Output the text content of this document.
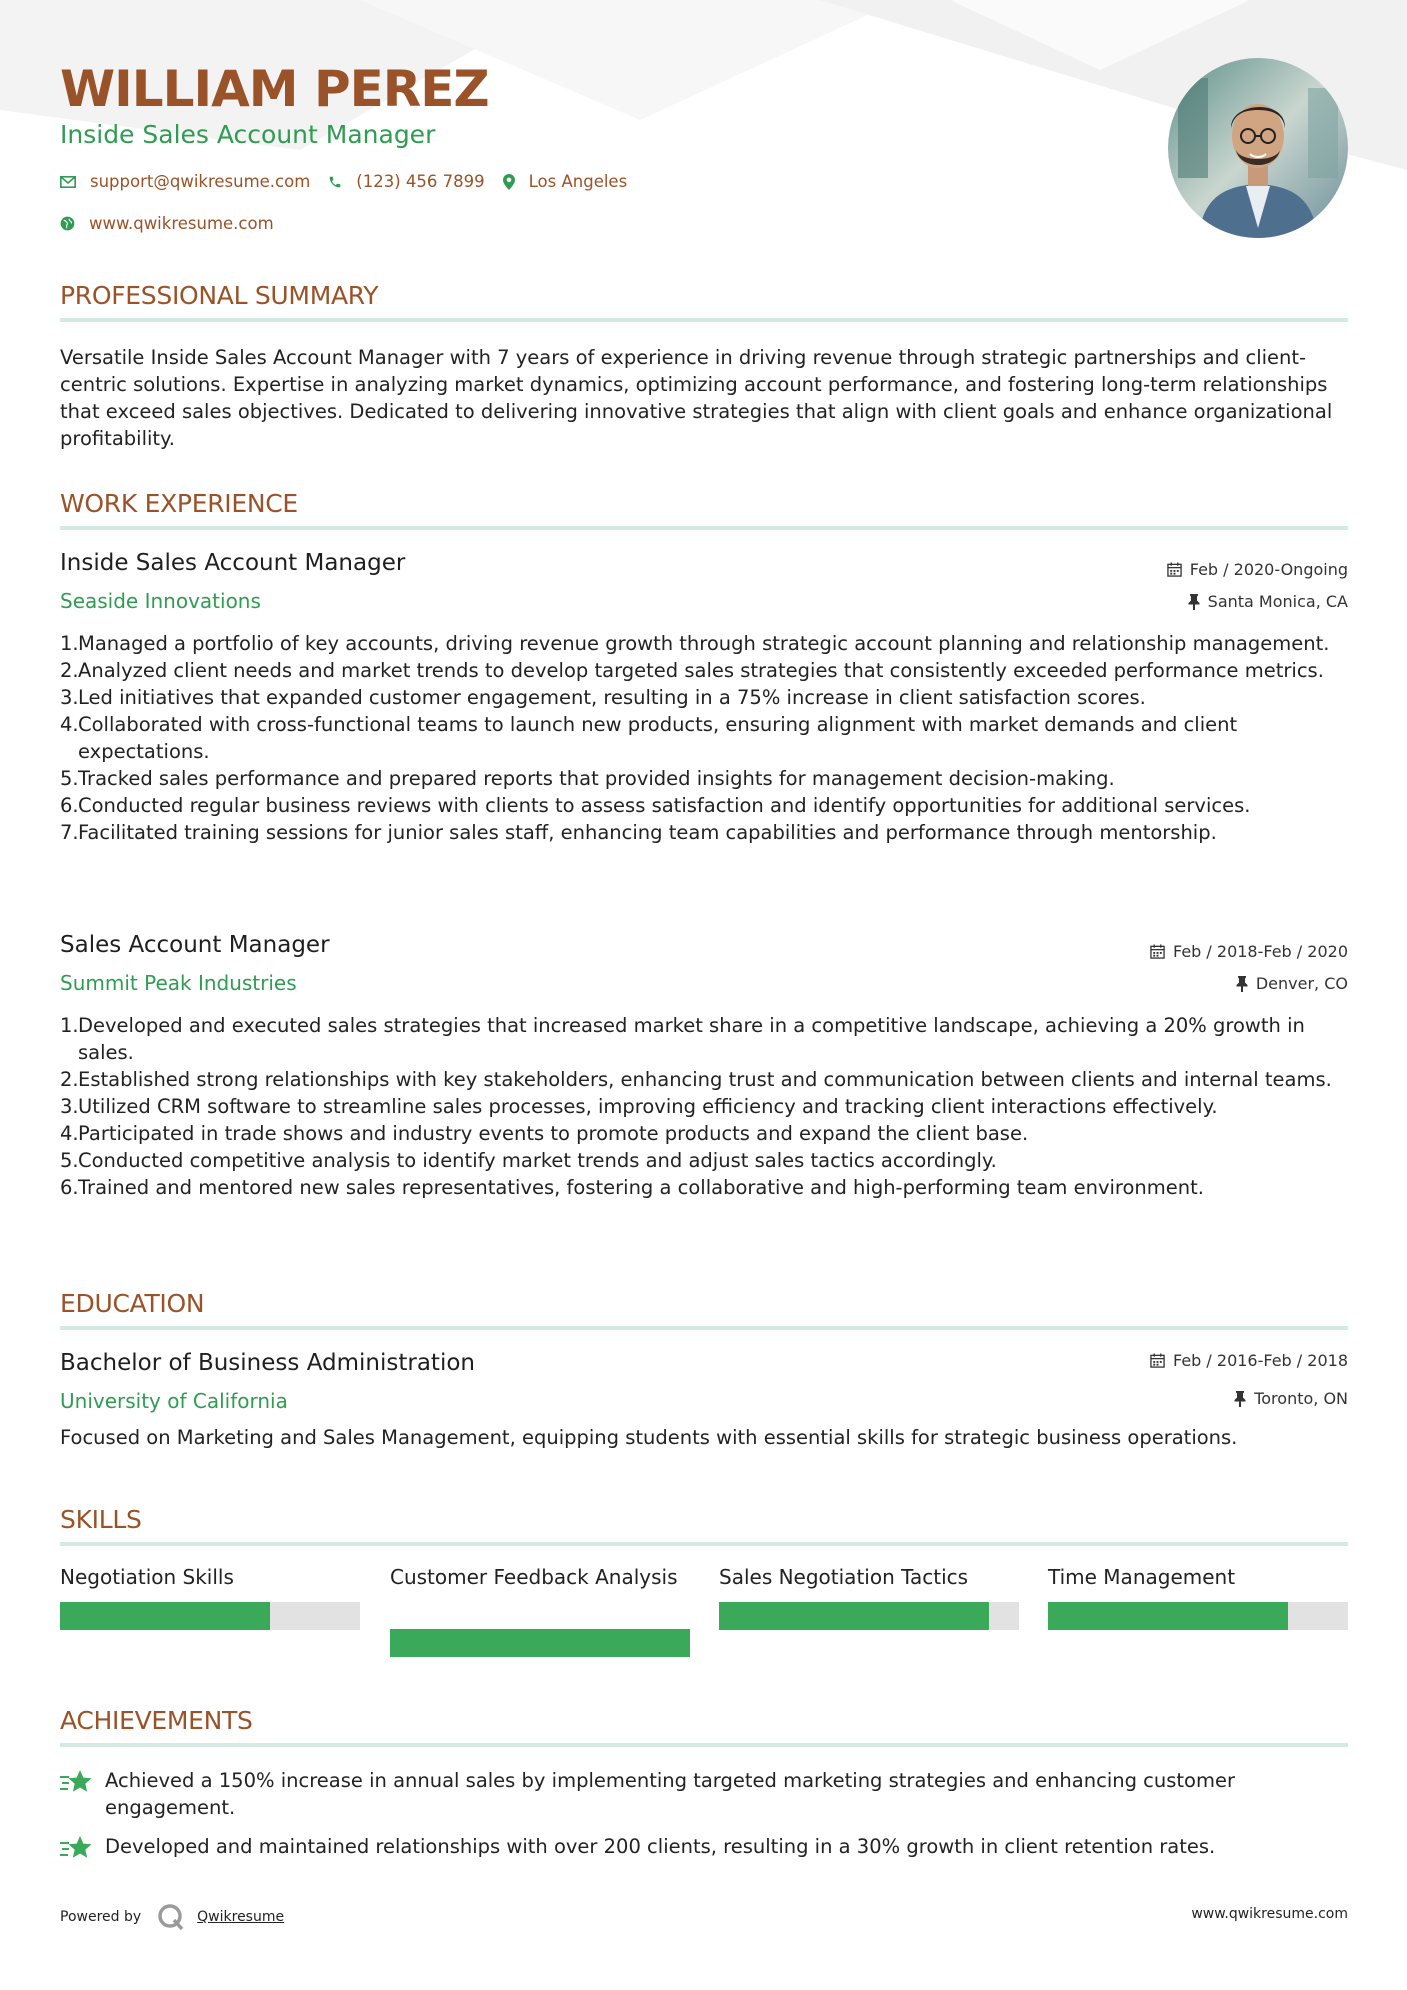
WILLIAM PEREZ
Inside Sales Account Manager
support@qwikresume.com	(123) 456 7899	Los Angeles
www.qwikresume.com
PROFESSIONAL SUMMARY
Versatile Inside Sales Account Manager with 7 years of experience in driving revenue through strategic partnerships and client-centric solutions. Expertise in analyzing market dynamics, optimizing account performance, and fostering long-term relationships that exceed sales objectives. Dedicated to delivering innovative strategies that align with client goals and enhance organizational profitability.
WORK EXPERIENCE
Inside Sales Account Manager
Seaside Innovations
Feb / 2020-Ongoing
Santa Monica, CA
1. Managed a portfolio of key accounts, driving revenue growth through strategic account planning and relationship management.
2. Analyzed client needs and market trends to develop targeted sales strategies that consistently exceeded performance metrics.
3. Led initiatives that expanded customer engagement, resulting in a 75% increase in client satisfaction scores.
4. Collaborated with cross-functional teams to launch new products, ensuring alignment with market demands and client expectations.
5. Tracked sales performance and prepared reports that provided insights for management decision-making.
6. Conducted regular business reviews with clients to assess satisfaction and identify opportunities for additional services.
7. Facilitated training sessions for junior sales staff, enhancing team capabilities and performance through mentorship.
Sales Account Manager
Summit Peak Industries
Feb / 2018-Feb / 2020
Denver, CO
1. Developed and executed sales strategies that increased market share in a competitive landscape, achieving a 20% growth in sales.
2. Established strong relationships with key stakeholders, enhancing trust and communication between clients and internal teams.
3. Utilized CRM software to streamline sales processes, improving efficiency and tracking client interactions effectively.
4. Participated in trade shows and industry events to promote products and expand the client base.
5. Conducted competitive analysis to identify market trends and adjust sales tactics accordingly.
6. Trained and mentored new sales representatives, fostering a collaborative and high-performing team environment.
EDUCATION
Bachelor of Business Administration
University of California
Feb / 2016-Feb / 2018
Toronto, ON
Focused on Marketing and Sales Management, equipping students with essential skills for strategic business operations.
SKILLS
Negotiation Skills	Customer Feedback Analysis	Sales Negotiation Tactics	Time Management
ACHIEVEMENTS
Achieved a 150% increase in annual sales by implementing targeted marketing strategies and enhancing customer engagement.
Developed and maintained relationships with over 200 clients, resulting in a 30% growth in client retention rates.
Powered by	Qwikresume	www.qwikresume.com
